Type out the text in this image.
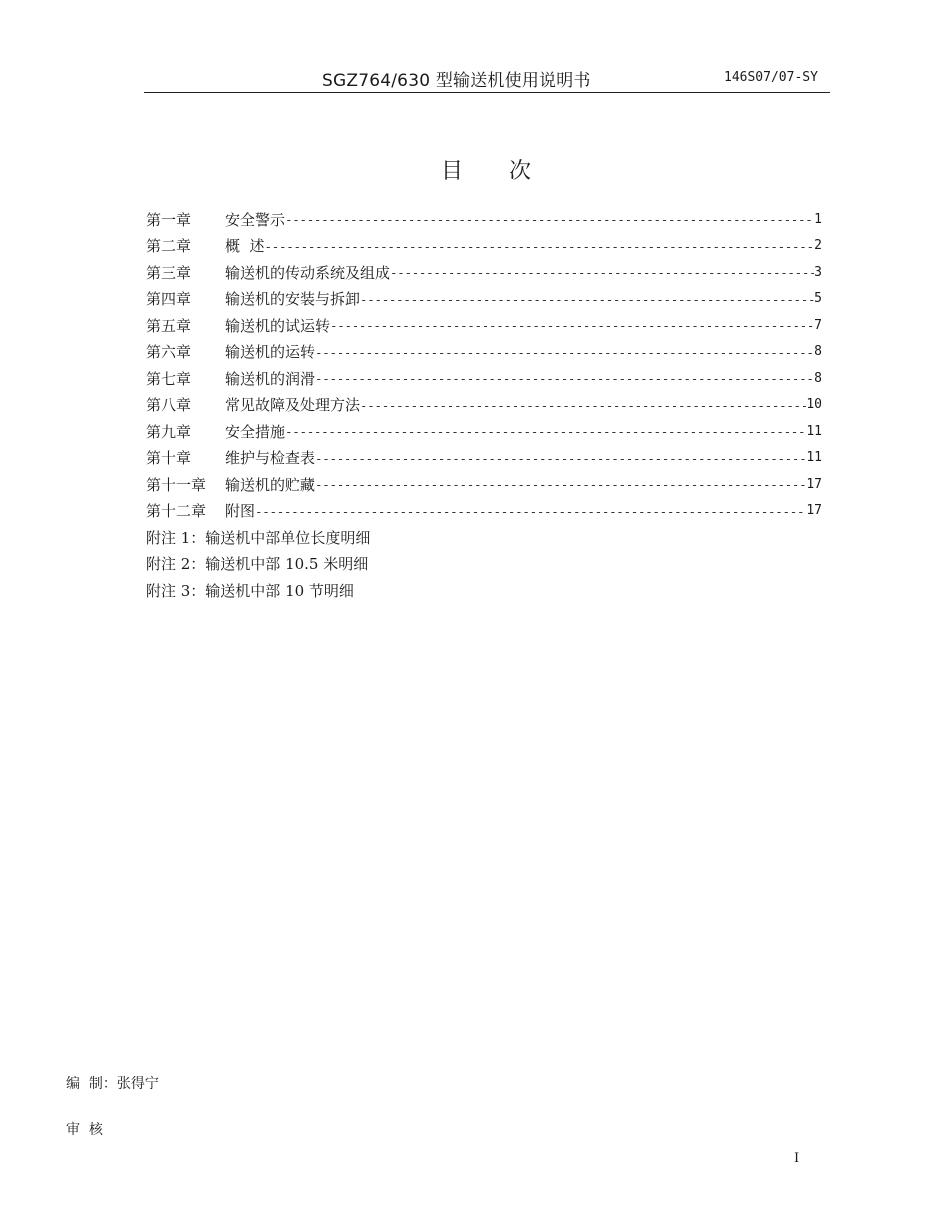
SGZ764/630 型输送机使用说明书	146S07/07-SY
目次
第一章	安全警示 -----	1
第二章	概  述 -----	2
第三章	输送机的传动系统及组成 -----	3
第四章	输送机的安装与拆卸 -----	5
第五章	输送机的试运转 -----	7
第六章	输送机的运转 -----	8
第七章	输送机的润滑 -----	8
第八章	常见故障及处理方法 -----	10
第九章	安全措施 -----	11
第十章	维护与检查表 -----	11
第十一章	输送机的贮藏 -----	17
第十二章	附图 -----	17
附注 1：输送机中部单位长度明细
附注 2：输送机中部 10.5 米明细
附注 3：输送机中部 10 节明细
编  制：张得宁
审  核
I
